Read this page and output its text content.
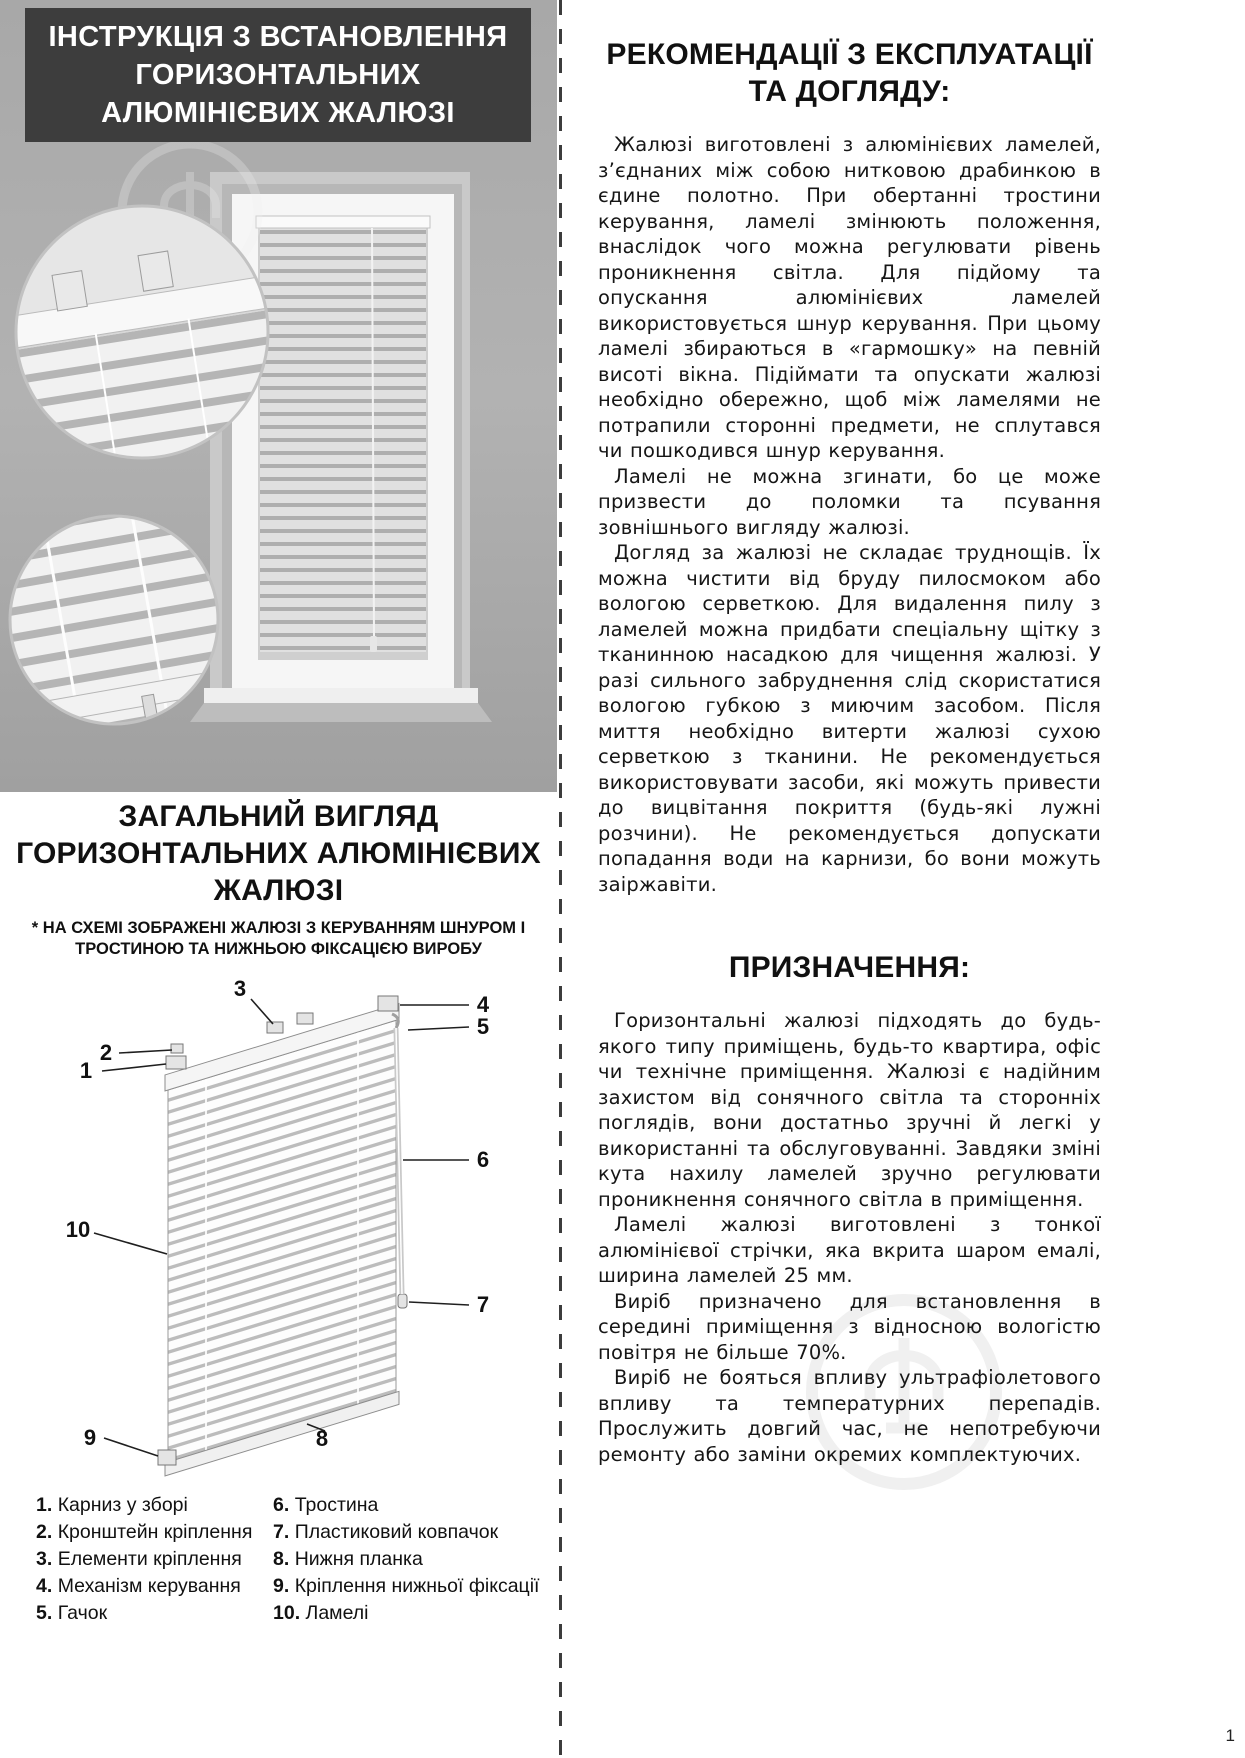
ІНСТРУКЦІЯ З ВСТАНОВЛЕННЯ ГОРИЗОНТАЛЬНИХ АЛЮМІНІЄВИХ ЖАЛЮЗІ
ЗАГАЛЬНИЙ ВИГЛЯД ГОРИЗОНТАЛЬНИХ АЛЮМІНІЄВИХ ЖАЛЮЗІ
* НА СХЕМІ ЗОБРАЖЕНІ ЖАЛЮЗІ З КЕРУВАННЯМ ШНУРОМ І ТРОСТИНОЮ ТА НИЖНЬОЮ ФІКСАЦІЄЮ ВИРОБУ
1
2
3
4
5
6
7
8
9
10
1. Карниз у зборі
2. Кронштейн кріплення
3. Елементи кріплення
4. Механізм керування
5. Гачок
6. Тростина
7. Пластиковий ковпачок
8. Нижня планка
9. Кріплення нижньої фіксації
10. Ламелі
РЕКОМЕНДАЦІЇ З ЕКСПЛУАТАЦІЇ ТА ДОГЛЯДУ:

Жалюзі виготовлені з алюмінієвих ламелей, з’єднаних між собою нитковою драбинкою в єдине полотно. При обертанні тростини керування, ламелі змінюють положення, внаслідок чого можна регулювати рівень проникнення світла. Для підйому та опускання алюмінієвих ламелей використовується шнур керування. При цьому ламелі збираються в «гармошку» на певній висоті вікна. Підіймати та опускати жалюзі необхідно обережно, щоб між ламелями не потрапили сторонні предмети, не сплутався чи пошкодився шнур керування.

Ламелі не можна згинати, бо це може призвести до поломки та псування зовнішнього вигляду жалюзі.

Догляд за жалюзі не складає труднощів. Їх можна чистити від бруду пилосмоком або вологою серветкою. Для видалення пилу з ламелей можна придбати спеціальну щітку з тканинною насадкою для чищення жалюзі. У разі сильного забруднення слід скористатися вологою губкою з миючим засобом. Після миття необхідно витерти жалюзі сухою серветкою з тканини. Не рекомендується використовувати засоби, які можуть привести до вицвітання покриття (будь-які лужні розчини). Не рекомендується допускати попадання води на карнизи, бо вони можуть заіржавіти.

ПРИЗНАЧЕННЯ:

Горизонтальні жалюзі підходять до будь-якого типу приміщень, будь-то квартира, офіс чи технічне приміщення. Жалюзі є надійним захистом від сонячного світла та сторонніх поглядів, вони достатньо зручні й легкі у використанні та обслуговуванні. Завдяки зміні кута нахилу ламелей зручно регулювати проникнення сонячного світла в приміщення.

Ламелі жалюзі виготовлені з тонкої алюмінієвої стрічки, яка вкрита шаром емалі, ширина ламелей 25 мм.

Виріб призначено для встановлення в середині приміщення з відносною вологістю повітря не більше 70%.

Виріб не бояться впливу ультрафіолетового впливу та температурних перепадів. Прослужить довгий час, не непотребуючи ремонту або заміни окремих комплектуючих.

1
